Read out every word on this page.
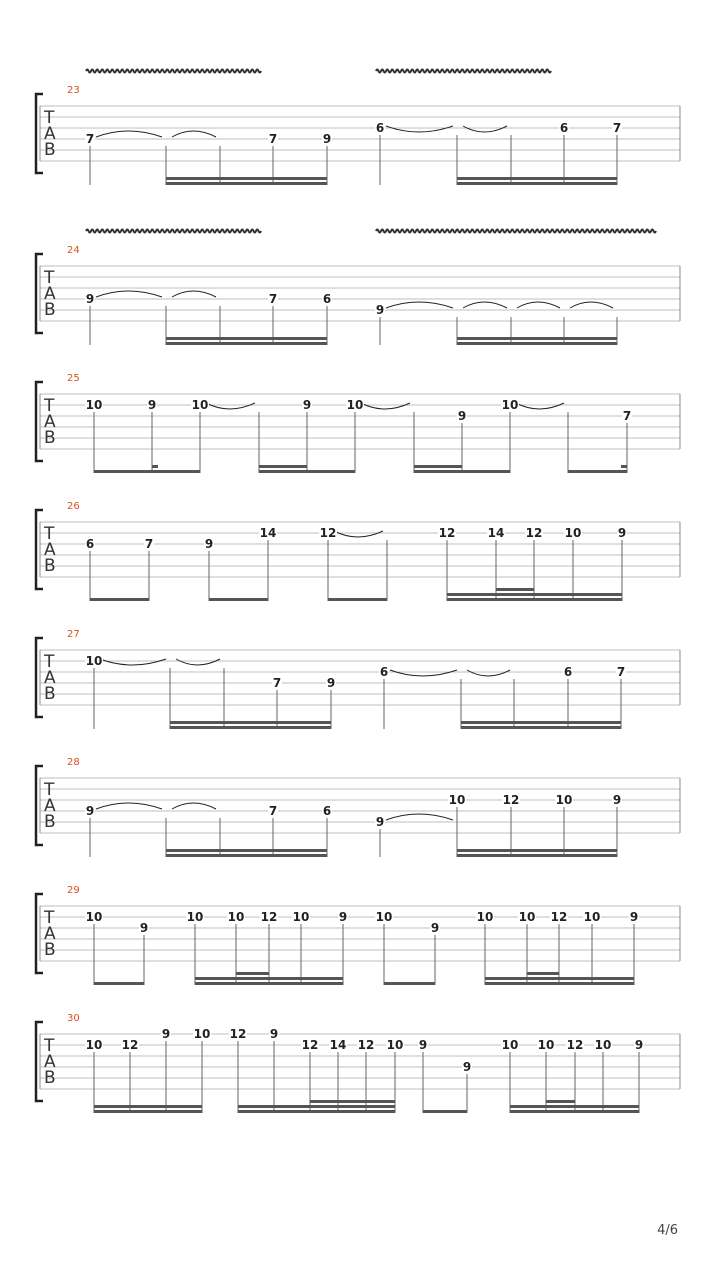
23
T
A
B
7	7	9
6	6	7
24
T
A
B
9	7	6
9
25
T
A
B
10	9	10	9	10
9
10
7
26
T
A
B
6	7	9
14	12	12	14 12 10	9
27
T
A
B
10
7	9
6	6	7
28
T
A
B
9	7	6
9
10	12	10	9
29
T
A
B
10
9
10 10 12 10 9 10
9
10 10 12 10 9
30
T
A
B
10 12
9 10 12 9
12 14 12 10 9
9
10 10 12 10 9
4/6
